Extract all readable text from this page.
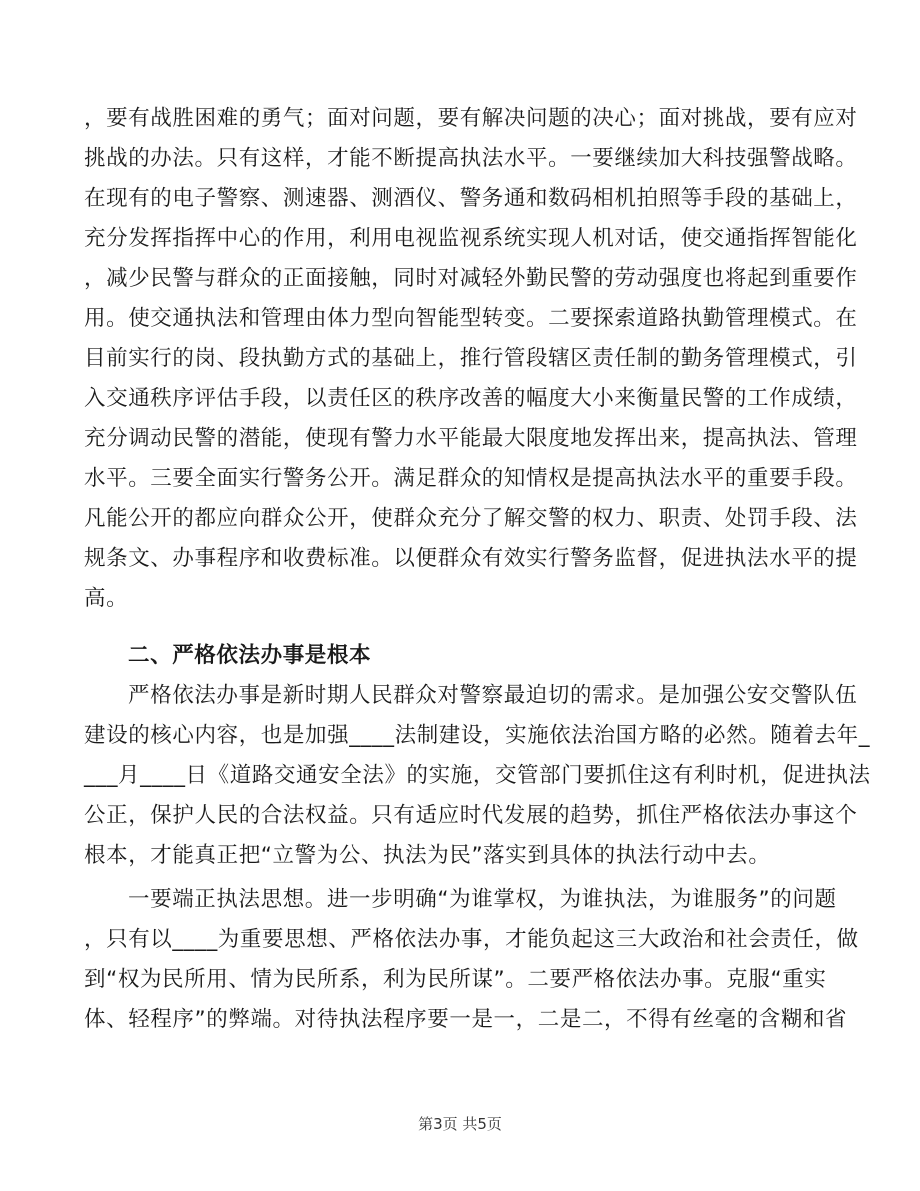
，要有战胜困难的勇气；面对问题，要有解决问题的决心；面对挑战，要有应对
挑战的办法。只有这样，才能不断提高执法水平。一要继续加大科技强警战略。
在现有的电子警察、测速器、测酒仪、警务通和数码相机拍照等手段的基础上，
充分发挥指挥中心的作用，利用电视监视系统实现人机对话，使交通指挥智能化
，减少民警与群众的正面接触，同时对减轻外勤民警的劳动强度也将起到重要作
用。使交通执法和管理由体力型向智能型转变。二要探索道路执勤管理模式。在
目前实行的岗、段执勤方式的基础上，推行管段辖区责任制的勤务管理模式，引
入交通秩序评估手段，以责任区的秩序改善的幅度大小来衡量民警的工作成绩，
充分调动民警的潜能，使现有警力水平能最大限度地发挥出来，提高执法、管理
水平。三要全面实行警务公开。满足群众的知情权是提高执法水平的重要手段。
凡能公开的都应向群众公开，使群众充分了解交警的权力、职责、处罚手段、法
规条文、办事程序和收费标准。以便群众有效实行警务监督，促进执法水平的提
高。
二、严格依法办事是根本
严格依法办事是新时期人民群众对警察最迫切的需求。是加强公安交警队伍
建设的核心内容，也是加强____法制建设，实施依法治国方略的必然。随着去年_
___月____日《道路交通安全法》的实施，交管部门要抓住这有利时机，促进执法
公正，保护人民的合法权益。只有适应时代发展的趋势，抓住严格依法办事这个
根本，才能真正把“立警为公、执法为民”落实到具体的执法行动中去。
一要端正执法思想。进一步明确“为谁掌权，为谁执法，为谁服务”的问题
，只有以____为重要思想、严格依法办事，才能负起这三大政治和社会责任，做
到“权为民所用、情为民所系，利为民所谋”。二要严格依法办事。克服“重实
体、轻程序”的弊端。对待执法程序要一是一，二是二，不得有丝毫的含糊和省
第3页 共5页
